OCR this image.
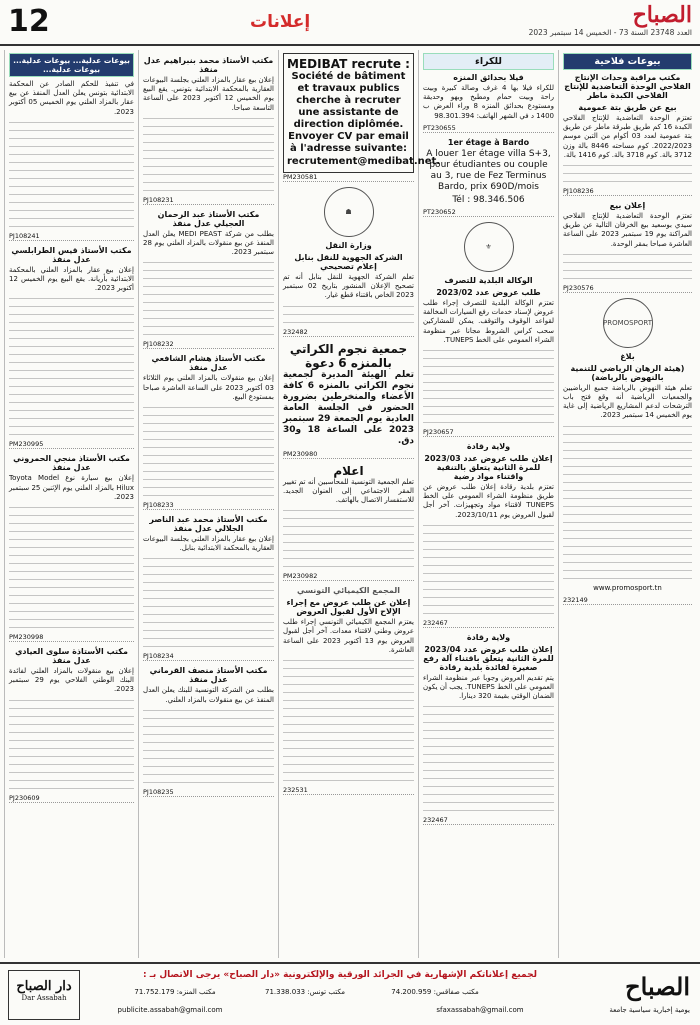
12	إعلانات	الصباح
العدد 23748 السنة 73 - الخميس 14 سبتمبر 2023
بيوعات فلاحية
مكتب مراقبة وحدات الإنتاج الفلاحي الوحدة التعاضدية للإنتاج الفلاحي الكبدة ماطر
بيع عن طريق بتة عمومية

تعتزم الوحدة التعاضدية للإنتاج الفلاحي الكبدة 16 كم طريق طبرقة ماطر عن طريق بتة عمومية لعدد 03 أكوام من التبن موسم 2022/2023. كوم مساحته 8446 بالة وزن 3712 بالة. كوم 3718 بالة. كوم 1416 بالة.

PJ108236

إعلان بيع

تعتزم الوحدة التعاضدية للإنتاج الفلاحي سيدي بوسعيد بيع الخرفان التالية عن طريق المراكنة يوم 19 سبتمبر 2023 على الساعة العاشرة صباحا بمقر الوحدة.

PJ230576

PROMOSPORT
بلاغ
(هيئة الرهان الرياضي للتنمية بالنهوض بالرياضة)

تعلم هيئة النهوض بالرياضة جميع الرياضيين والجمعيات الرياضية أنه وقع فتح باب الترشحات لدعم المشاريع الرياضية إلى غاية يوم الخميس 14 سبتمبر 2023.

www.promosport.tn

232149

للكراء
فيلا بحدائق المنزه

للكراء فيلا بها 4 غرف وصالة كبيرة وبيت راحة وبيت حمام ومطبخ وبهو وحديقة ومستودع بحدائق المنزه 8 وراء العرض ب 1400 د في الشهر الهاتف: 98.301.394

PT230655

1er étage à Bardo

A louer 1er étage villa S+3, pour étudiantes ou couple au 3, rue de Fez Terminus Bardo, prix 690D/mois

Tél : 98.346.506

PT230652

⚜
الوكالة البلدية للتصرف
طلب عروض عدد 2023/02

تعتزم الوكالة البلدية للتصرف إجراء طلب عروض لإسناد خدمات رفع السيارات المخالفة لقواعد الوقوف والتوقف. يمكن للمشاركين سحب كراس الشروط مجانا عبر منظومة الشراء العمومي على الخط TUNEPS.

PJ230657

ولاية رقادة
إعلان طلب عروض عدد 2023/03 للمرة الثانية يتعلق بالتنقية واقتناء مواد رضية

تعتزم بلدية رقادة إعلان طلب عروض عن طريق منظومة الشراء العمومي على الخط TUNEPS لاقتناء مواد وتجهيزات. آخر أجل لقبول العروض يوم 2023/10/11.

232467

ولاية رقادة
إعلان طلب عروض عدد 2023/04 للمرة الثانية يتعلق باقتناء آلة رفع صغيرة لفائدة بلدية رقادة

يتم تقديم العروض وجوبا عبر منظومة الشراء العمومي على الخط TUNEPS. يجب أن يكون الضمان الوقتي بقيمة 320 دينارا.

232467

MEDIBAT recrute :
Société de bâtiment et travaux publics cherche à recruter une assistante de direction diplômée. Envoyer CV par email à l'adresse suivante:
recrutement@medibat.net.

PM230581

☗
وزارة النقل
الشركة الجهوية للنقل بنابل إعلام تصحيحي

تعلم الشركة الجهوية للنقل بنابل أنه تم تصحيح الإعلان المنشور بتاريخ 02 سبتمبر 2023 الخاص باقتناء قطع غيار.

232482

جمعية نجوم الكراتي بالمنزه 6 دعوة

تعلم الهيئة المديرة لجمعية نجوم الكراتي بالمنزه 6 كافة الأعضاء والمنخرطين بضرورة الحضور في الجلسة العامة العادية يوم الجمعة 29 سبتمبر 2023 على الساعة 18 و30 دق.

PM230980

اعلام

تعلم الجمعية التونسية للمحاسبين أنه تم تغيير المقر الاجتماعي إلى العنوان الجديد. للاستفسار الاتصال بالهاتف.

PM230982

المجمع الكيميائي التونسي
إعلان عن طلب عروض مع إجراء الإلاح الأول لقبول العروض

يعتزم المجمع الكيميائي التونسي إجراء طلب عروض وطني لاقتناء معدات. آخر أجل لقبول العروض يوم 13 أكتوبر 2023 على الساعة العاشرة.

232531

مكتب الأستاذ محمد بنبراهيم عدل منفذ

إعلان بيع عقار بالمزاد العلني بجلسة البيوعات العقارية بالمحكمة الابتدائية بتونس. يقع البيع يوم الخميس 12 أكتوبر 2023 على الساعة التاسعة صباحا.

PJ108231

مكتب الأستاذ عبد الرحمان العجيلي عدل منفذ

بطلب من شركة MEDI PEAST يعلن العدل المنفذ عن بيع منقولات بالمزاد العلني يوم 28 سبتمبر 2023.

PJ108232

مكتب الأستاذ هشام الشافعي عدل منفذ

إعلان بيع منقولات بالمزاد العلني يوم الثلاثاء 03 أكتوبر 2023 على الساعة العاشرة صباحا بمستودع البيع.

PJ108233

مكتب الأستاذ محمد عبد الناصر الجلالي عدل منفذ

إعلان بيع عقار بالمزاد العلني بجلسة البيوعات العقارية بالمحكمة الابتدائية بنابل.

PJ108234

مكتب الأستاذ منصف القرماني عدل منفذ

بطلب من الشركة التونسية للبنك يعلن العدل المنفذ عن بيع منقولات بالمزاد العلني.

PJ108235

بيوعات عدلية... بيوعات عدلية... بيوعات عدلية...

في تنفيذ للحكم الصادر عن المحكمة الابتدائية بتونس يعلن العدل المنفذ عن بيع عقار بالمزاد العلني يوم الخميس 05 أكتوبر 2023.

PJ108241

مكتب الأستاذ قيس الطرابلسي عدل منفذ

إعلان بيع عقار بالمزاد العلني بالمحكمة الابتدائية بأريانة. يقع البيع يوم الخميس 12 أكتوبر 2023.

PM230995

مكتب الأستاذ منجي الحمروني عدل منفذ

إعلان بيع سيارة نوع Toyota Model Hilux بالمزاد العلني يوم الإثنين 25 سبتمبر 2023.

PM230998

مكتب الأستاذة سلوى العيادي عدل منفذ

إعلان بيع منقولات بالمزاد العلني لفائدة البنك الوطني الفلاحي يوم 29 سبتمبر 2023.

PJ230609

الصباح
يومية إخبارية سياسية جامعة
لجميع إعلاناتكم الإشهارية في الجرائد الورقية والإلكترونية «دار الصباح» يرجى الاتصال بـ :
مكتب المنزه: 71.752.179	مكتب تونس: 71.338.033	مكتب صفاقس: 74.200.959
publicite.assabah@gmail.com	sfaxassabah@gmail.com
دار الصباح
Dar Assabah
